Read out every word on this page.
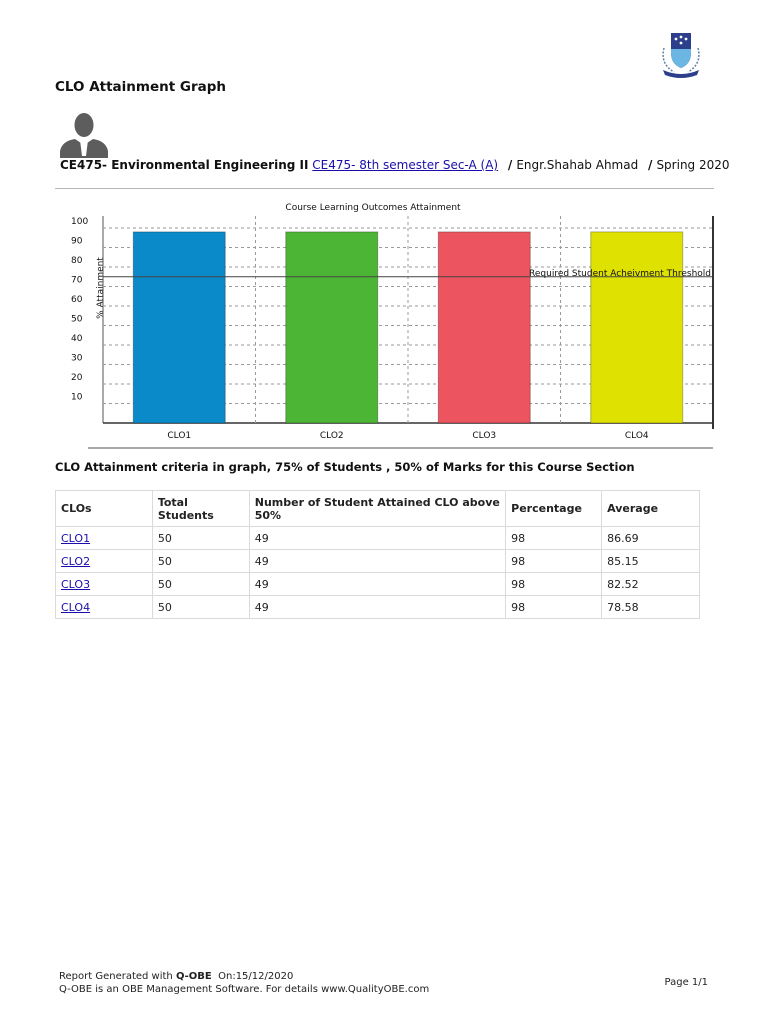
CLO Attainment Graph
CE475- Environmental Engineering II CE475- 8th semester Sec-A (A) / Engr.Shahab Ahmad / Spring 2020
Course Learning Outcomes Attainment
% Attainment
10
20
30
40
50
60
70
80
90
100
Required Student Acheivment Threshold
CLO1	CLO2	CLO3	CLO4
CLO Attainment criteria in graph, 75% of Students , 50% of Marks for this Course Section
CLOs	Total Students	Number of Student Attained CLO above 50%	Percentage	Average
CLO1	50	49	98	86.69
CLO2	50	49	98	85.15
CLO3	50	49	98	82.52
CLO4	50	49	98	78.58
Report Generated with Q-OBE On:15/12/2020
Q-OBE is an OBE Management Software. For details www.QualityOBE.com
Page 1/1
